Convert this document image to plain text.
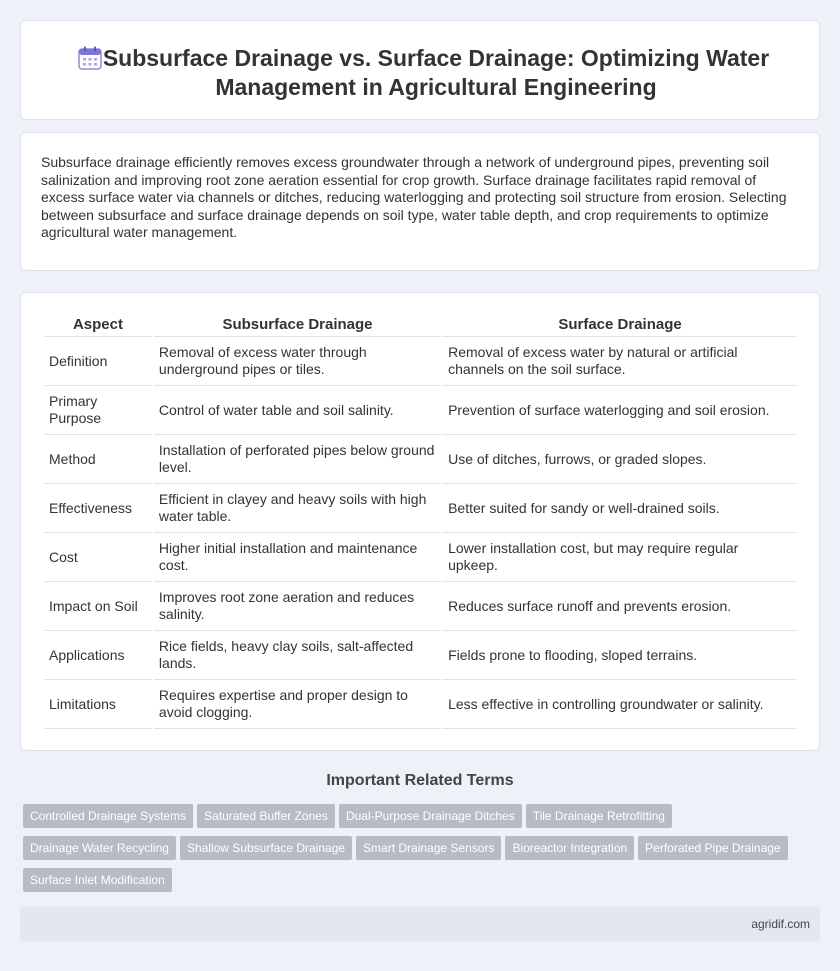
Subsurface Drainage vs. Surface Drainage: Optimizing Water Management in Agricultural Engineering

Subsurface drainage efficiently removes excess groundwater through a network of underground pipes, preventing soil salinization and improving root zone aeration essential for crop growth. Surface drainage facilitates rapid removal of excess surface water via channels or ditches, reducing waterlogging and protecting soil structure from erosion. Selecting between subsurface and surface drainage depends on soil type, water table depth, and crop requirements to optimize agricultural water management.

Aspect	Subsurface Drainage	Surface Drainage
Definition	Removal of excess water through underground pipes or tiles.	Removal of excess water by natural or artificial channels on the soil surface.
Primary Purpose	Control of water table and soil salinity.	Prevention of surface waterlogging and soil erosion.
Method	Installation of perforated pipes below ground level.	Use of ditches, furrows, or graded slopes.
Effectiveness	Efficient in clayey and heavy soils with high water table.	Better suited for sandy or well-drained soils.
Cost	Higher initial installation and maintenance cost.	Lower installation cost, but may require regular upkeep.
Impact on Soil	Improves root zone aeration and reduces salinity.	Reduces surface runoff and prevents erosion.
Applications	Rice fields, heavy clay soils, salt-affected lands.	Fields prone to flooding, sloped terrains.
Limitations	Requires expertise and proper design to avoid clogging.	Less effective in controlling groundwater or salinity.
Important Related Terms
Controlled Drainage Systems Saturated Buffer Zones Dual-Purpose Drainage Ditches Tile Drainage Retrofitting
Drainage Water Recycling Shallow Subsurface Drainage Smart Drainage Sensors Bioreactor Integration Perforated Pipe Drainage
Surface Inlet Modification
agridif.com
